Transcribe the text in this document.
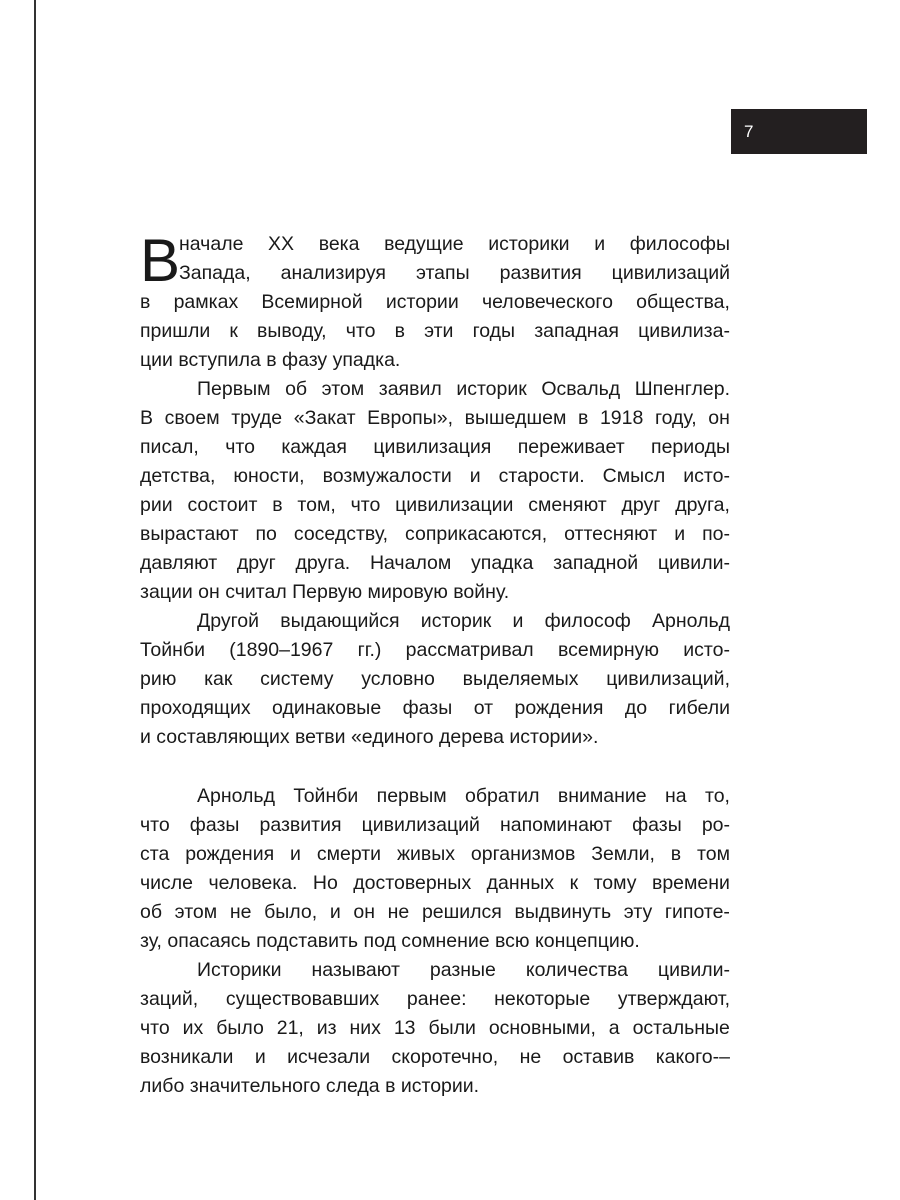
7
В
начале XX века ведущие историки и философы
Запада, анализируя этапы развития цивилизаций
в рамках Всемирной истории человеческого общества,
пришли к выводу, что в эти годы западная цивилиза-
ции вступила в фазу упадка.
Первым об этом заявил историк Освальд Шпенглер.
В своем труде «Закат Европы», вышедшем в 1918 году, он
писал, что каждая цивилизация переживает периоды
детства, юности, возмужалости и старости. Смысл исто-
рии состоит в том, что цивилизации сменяют друг друга,
вырастают по соседству, соприкасаются, оттесняют и по-
давляют друг друга. Началом упадка западной цивили-
зации он считал Первую мировую войну.
Другой выдающийся историк и философ Арнольд
Тойнби (1890–1967 гг.) рассматривал всемирную исто-
рию как систему условно выделяемых цивилизаций,
проходящих одинаковые фазы от рождения до гибели
и составляющих ветви «единого дерева истории».
Арнольд Тойнби первым обратил внимание на то,
что фазы развития цивилизаций напоминают фазы ро-
ста рождения и смерти живых организмов Земли, в том
числе человека. Но достоверных данных к тому времени
об этом не было, и он не решился выдвинуть эту гипоте-
зу, опасаясь подставить под сомнение всю концепцию.
Историки называют разные количества цивили-
заций, существовавших ранее: некоторые утверждают,
что их было 21, из них 13 были основными, а остальные
возникали и исчезали скоротечно, не оставив какого-–
либо значительного следа в истории.
